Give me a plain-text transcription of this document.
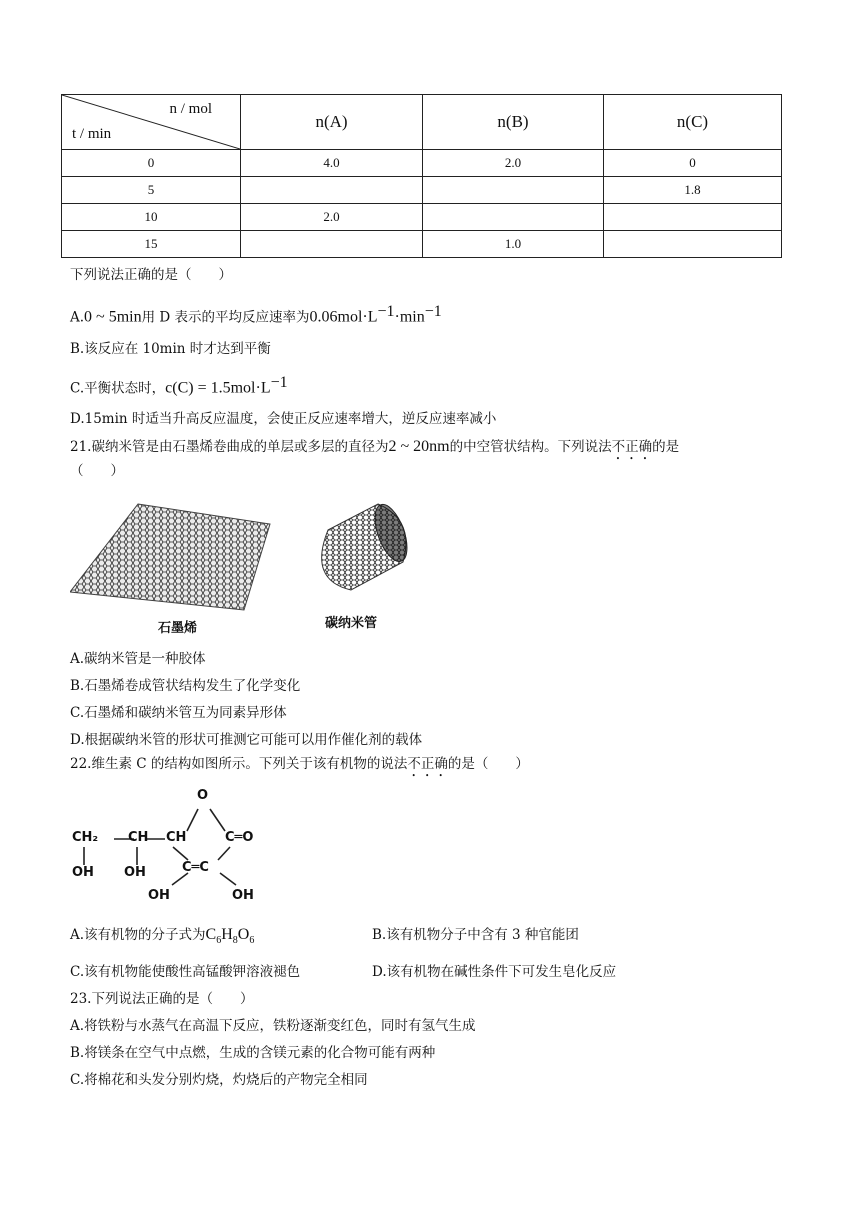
n / mol
t / min	n(A)	n(B)	n(C)
0	4.0	2.0	0
5			1.8
10	2.0		
15		1.0	
下列说法正确的是（　　）
A.0 ~ 5min用 D 表示的平均反应速率为$0.06mol\cdot L^{-1}\cdot\min^{-1}$
B.该反应在 10min 时才达到平衡
C.平衡状态时，$c(C) = 1.5mol\cdot L^{-1}$
D.15min 时适当升高反应温度，会使正反应速率增大，逆反应速率减小
21.碳纳米管是由石墨烯卷曲成的单层或多层的直径为2 ~ 20nm的中空管状结构。下列说法不正确的是
（　　）
石墨烯	碳纳米管
A.碳纳米管是一种胶体
B.石墨烯卷成管状结构发生了化学变化
C.石墨烯和碳纳米管互为同素异形体
D.根据碳纳米管的形状可推测它可能可以用作催化剂的载体
22.维生素 C 的结构如图所示。下列关于该有机物的说法不正确的是（　　）
O
CH₂ CH CH	C═O
C═C
OH OH
OH	OH
A.该有机物的分子式为$C_6H_8O_6$	B.该有机物分子中含有 3 种官能团
C.该有机物能使酸性高锰酸钾溶液褪色	D.该有机物在碱性条件下可发生皂化反应
23.下列说法正确的是（　　）
A.将铁粉与水蒸气在高温下反应，铁粉逐渐变红色，同时有氢气生成
B.将镁条在空气中点燃，生成的含镁元素的化合物可能有两种
C.将棉花和头发分别灼烧，灼烧后的产物完全相同
